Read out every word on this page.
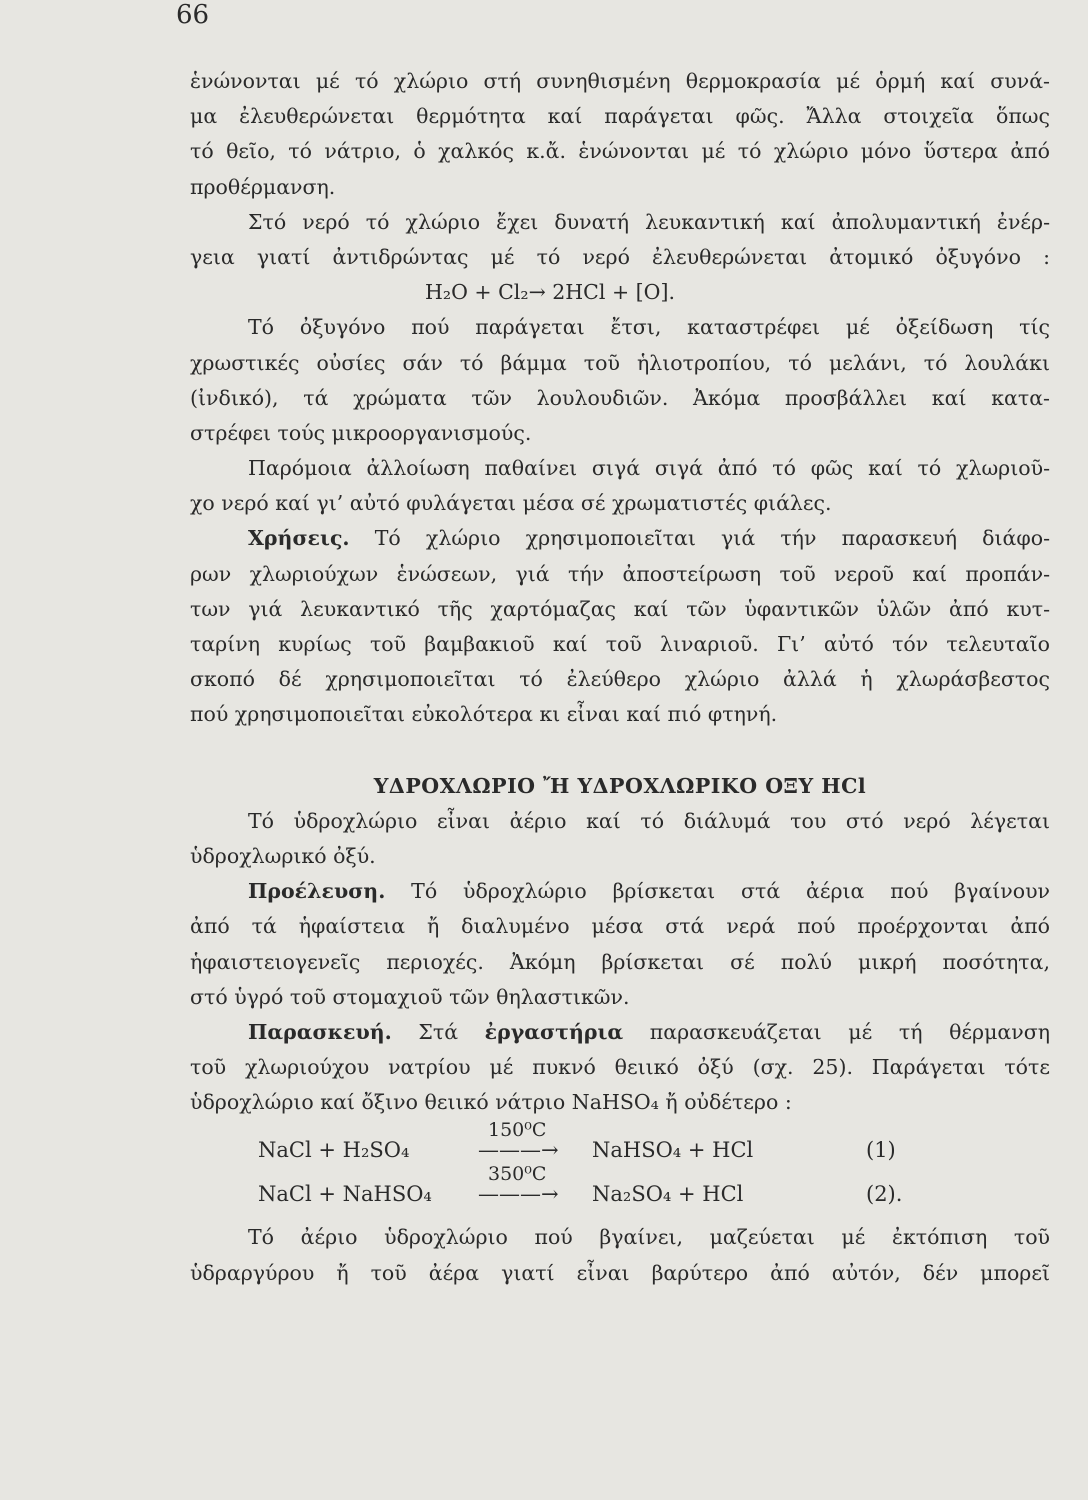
66
ἑνώνονται μέ τό χλώριο στή συνηθισμένη θερμοκρασία μέ ὁρμή καί συνά-
μα ἐλευθερώνεται θερμότητα καί παράγεται φῶς. Ἄλλα στοιχεῖα ὅπως
τό θεῖο, τό νάτριο, ὁ χαλκός κ.ἄ. ἑνώνονται μέ τό χλώριο μόνο ὕστερα ἀπό
προθέρμανση.
Στό νερό τό χλώριο ἔχει δυνατή λευκαντική καί ἀπολυμαντική ἐνέρ-
γεια γιατί ἀντιδρώντας μέ τό νερό ἐλευθερώνεται ἀτομικό ὀξυγόνο :
H₂O + Cl₂→ 2HCl + [O].
Τό ὀξυγόνο πού παράγεται ἔτσι, καταστρέφει μέ ὀξείδωση τίς
χρωστικές οὐσίες σάν τό βάμμα τοῦ ἡλιοτροπίου, τό μελάνι, τό λουλάκι
(ἰνδικό), τά χρώματα τῶν λουλουδιῶν. Ἀκόμα προσβάλλει καί κατα-
στρέφει τούς μικροοργανισμούς.
Παρόμοια ἀλλοίωση παθαίνει σιγά σιγά ἀπό τό φῶς καί τό χλωριοῦ-
χο νερό καί γι’ αὐτό φυλάγεται μέσα σέ χρωματιστές φιάλες.
Χρήσεις. Τό χλώριο χρησιμοποιεῖται γιά τήν παρασκευή διάφο-
ρων χλωριούχων ἑνώσεων, γιά τήν ἀποστείρωση τοῦ νεροῦ καί προπάν-
των γιά λευκαντικό τῆς χαρτόμαζας καί τῶν ὑφαντικῶν ὑλῶν ἀπό κυτ-
ταρίνη κυρίως τοῦ βαμβακιοῦ καί τοῦ λιναριοῦ. Γι’ αὐτό τόν τελευταῖο
σκοπό δέ χρησιμοποιεῖται τό ἐλεύθερο χλώριο ἀλλά ἡ χλωράσβεστος
πού χρησιμοποιεῖται εὐκολότερα κι εἶναι καί πιό φτηνή.
ΥΔΡΟΧΛΩΡΙΟ Ἤ ΥΔΡΟΧΛΩΡΙΚΟ ΟΞΥ HCl
Τό ὑδροχλώριο εἶναι ἀέριο καί τό διάλυμά του στό νερό λέγεται
ὑδροχλωρικό ὀξύ.
Προέλευση. Τό ὑδροχλώριο βρίσκεται στά ἀέρια πού βγαίνουν
ἀπό τά ἡφαίστεια ἤ διαλυμένο μέσα στά νερά πού προέρχονται ἀπό
ἡφαιστειογενεῖς περιοχές. Ἀκόμη βρίσκεται σέ πολύ μικρή ποσότητα,
στό ὑγρό τοῦ στομαχιοῦ τῶν θηλαστικῶν.
Παρασκευή. Στά ἐργαστήρια παρασκευάζεται μέ τή θέρμανση
τοῦ χλωριούχου νατρίου μέ πυκνό θειικό ὀξύ (σχ. 25). Παράγεται τότε
ὑδροχλώριο καί ὄξινο θειικό νάτριο NaHSO₄ ἤ οὐδέτερο :
NaCl + H₂SO₄
150⁰C
———→ NaHSO₄ + HCl	(1)
NaCl + NaHSO₄
350⁰C
———→ Na₂SO₄ + HCl	(2).
Τό ἀέριο ὑδροχλώριο πού βγαίνει, μαζεύεται μέ ἐκτόπιση τοῦ
ὑδραργύρου ἤ τοῦ ἀέρα γιατί εἶναι βαρύτερο ἀπό αὐτόν, δέν μπορεῖ
